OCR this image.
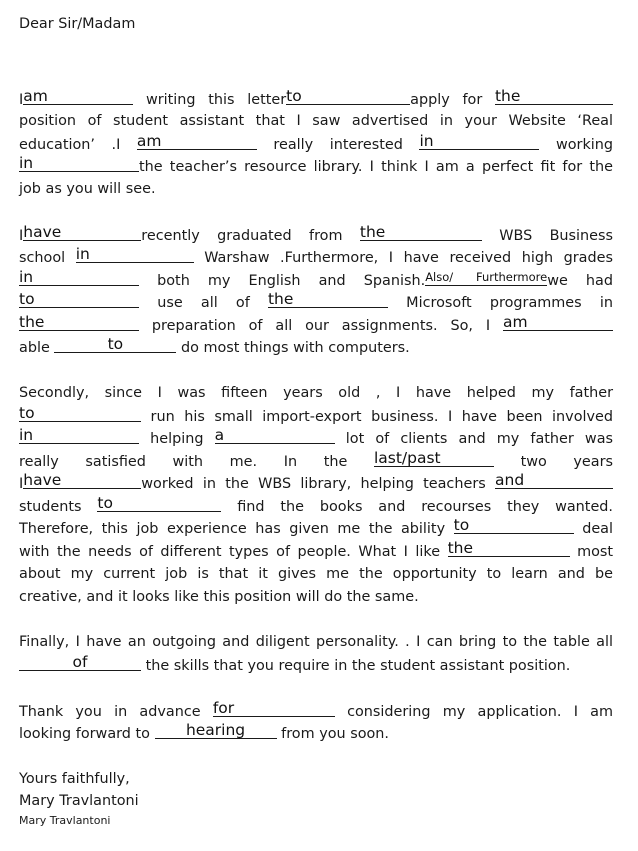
Dear Sir/Madam
I am	writing this letter to	apply for the
position of student assistant that I saw advertised in your Website ‘Real
education’ .I am	really interested in	working
in	the teacher’s resource library. I think I am a perfect fit for the
job as you will see.
I have	recently graduated from the	WBS Business
school in	Warshaw .Furthermore, I have received high grades
in	both my English and Spanish. Also/ Furthermore we had
to	use all of the	Microsoft programmes in
the	preparation of all our assignments. So, I am
able	to	do most things with computers.
Secondly, since I was fifteen years old , I have helped my father
to	run his small import-export business. I have been involved
in	helping a	lot of clients and my father was
really satisfied with me. In the last/past	two years
I have	worked in the WBS library, helping teachers and
students to	find the books and recourses they wanted.
Therefore, this job experience has given me the ability to	deal
with the needs of different types of people. What I like the	most
about my current job is that it gives me the opportunity to learn and be
creative, and it looks like this position will do the same.
Finally, I have an outgoing and diligent personality. . I can bring to the table all
of	the skills that you require in the student assistant position.
Thank you in advance for	considering my application. I am
looking forward to	hearing	from you soon.
Yours faithfully,
Mary Travlantoni
Mary Travlantoni
